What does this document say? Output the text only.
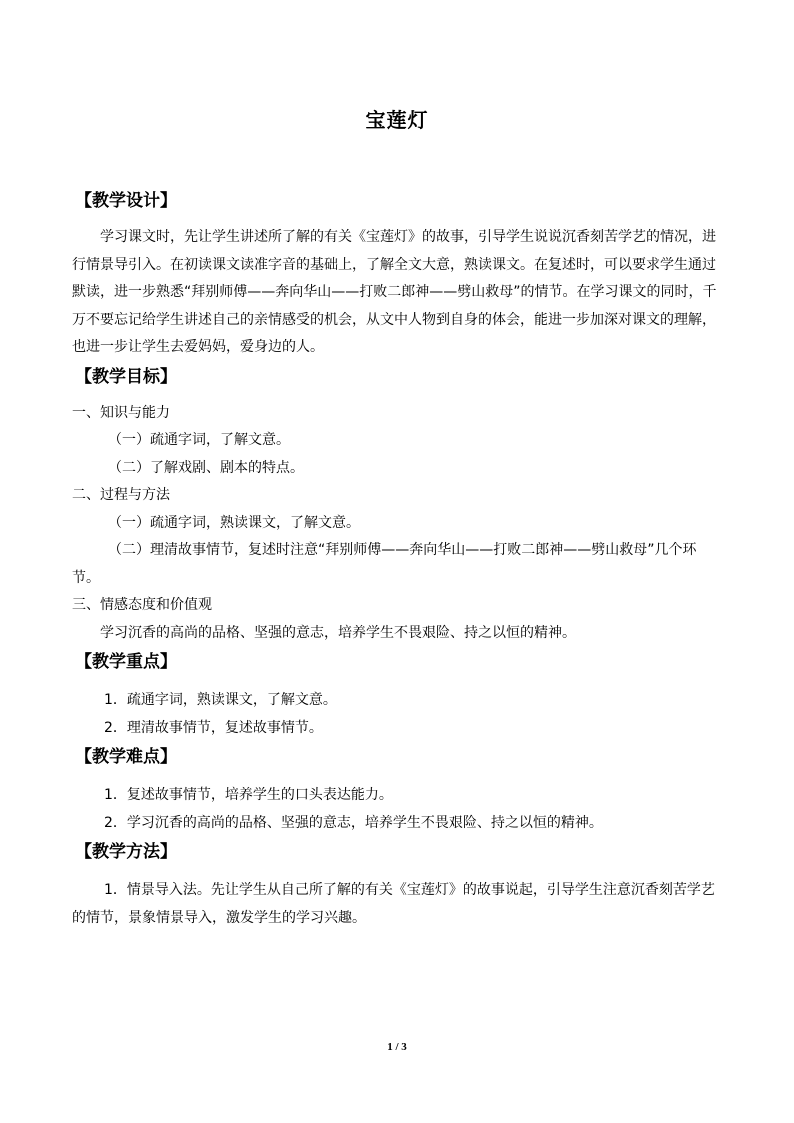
宝莲灯
【教学设计】

学习课文时，先让学生讲述所了解的有关《宝莲灯》的故事，引导学生说说沉香刻苦学艺的情况，进行情景导引入。在初读课文读准字音的基础上，了解全文大意，熟读课文。在复述时，可以要求学生通过默读，进一步熟悉“拜别师傅——奔向华山——打败二郎神——劈山救母”的情节。在学习课文的同时，千万不要忘记给学生讲述自己的亲情感受的机会，从文中人物到自身的体会，能进一步加深对课文的理解，也进一步让学生去爱妈妈，爱身边的人。

【教学目标】

一、知识与能力

（一）疏通字词，了解文意。

（二）了解戏剧、剧本的特点。

二、过程与方法

（一）疏通字词，熟读课文，了解文意。

（二）理清故事情节，复述时注意“拜别师傅——奔向华山——打败二郎神——劈山救母”几个环节。

三、情感态度和价值观

学习沉香的高尚的品格、坚强的意志，培养学生不畏艰险、持之以恒的精神。

【教学重点】

1．疏通字词，熟读课文，了解文意。

2．理清故事情节，复述故事情节。

【教学难点】

1．复述故事情节，培养学生的口头表达能力。

2．学习沉香的高尚的品格、坚强的意志，培养学生不畏艰险、持之以恒的精神。

【教学方法】

1．情景导入法。先让学生从自己所了解的有关《宝莲灯》的故事说起，引导学生注意沉香刻苦学艺的情节，景象情景导入，激发学生的学习兴趣。

1 / 3
